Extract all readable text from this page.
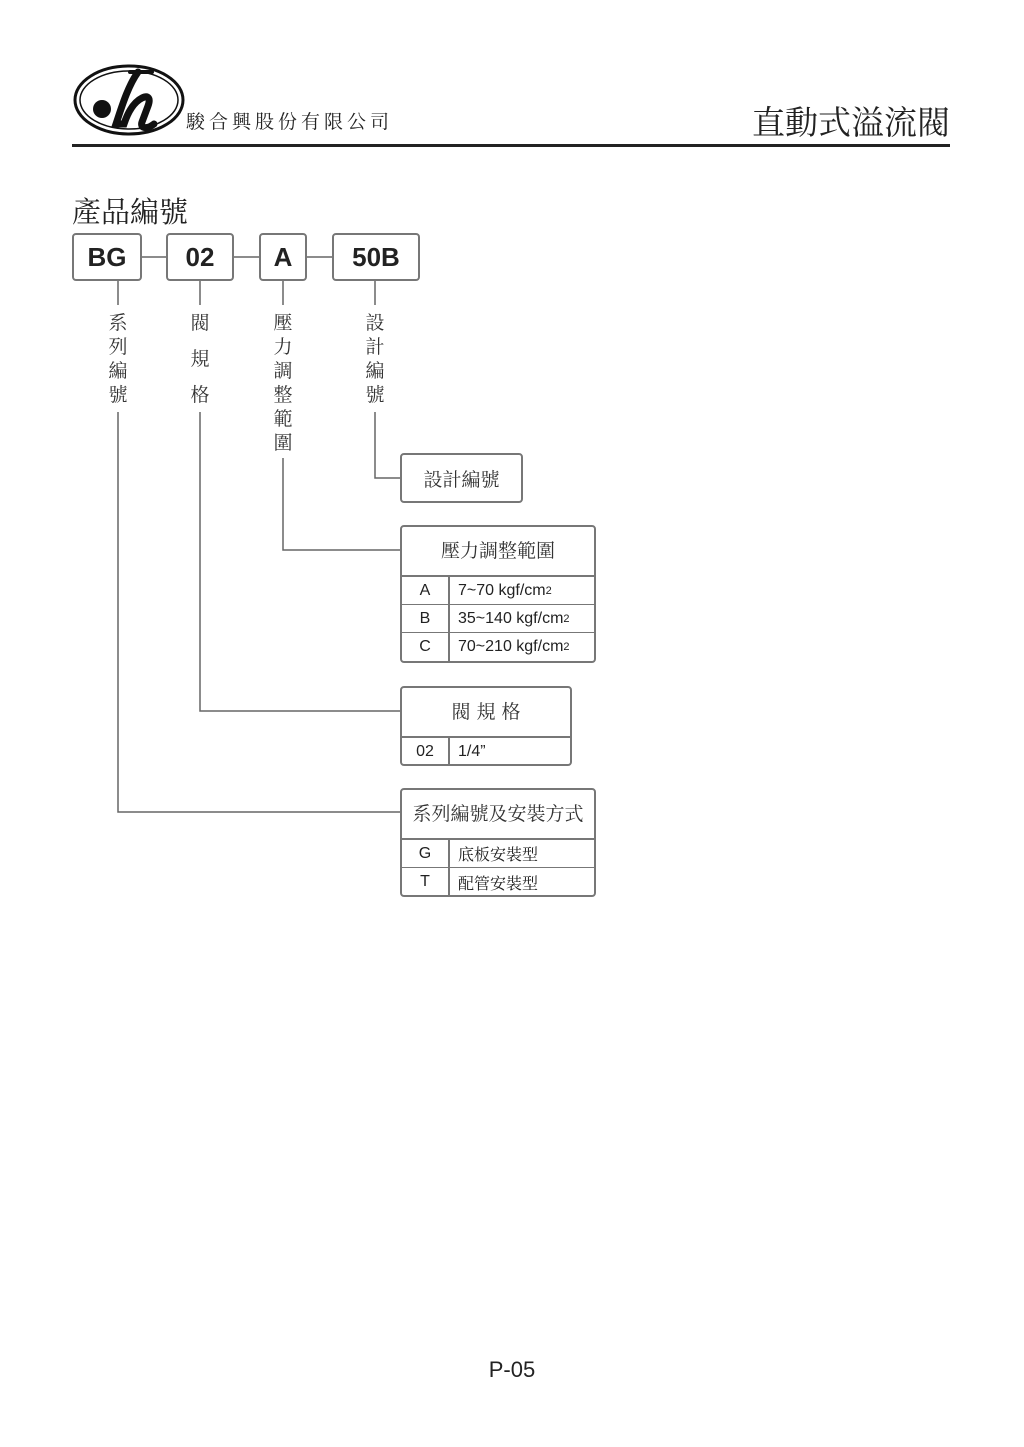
駿合興股份有限公司	直動式溢流閥
產品編號
BG	02	A	50B
系
列
編
號
閥
規
格
壓
力
調
整
範
圍
設
計
編
號
設計編號
壓力調整範圍
A	7~70 kgf/cm 2
B	35~140 kgf/cm 2
C	70~210 kgf/cm 2
閥 規 格
02	1/4”
系列編號及安裝方式
G	底板安裝型
T	配管安裝型
P-05
